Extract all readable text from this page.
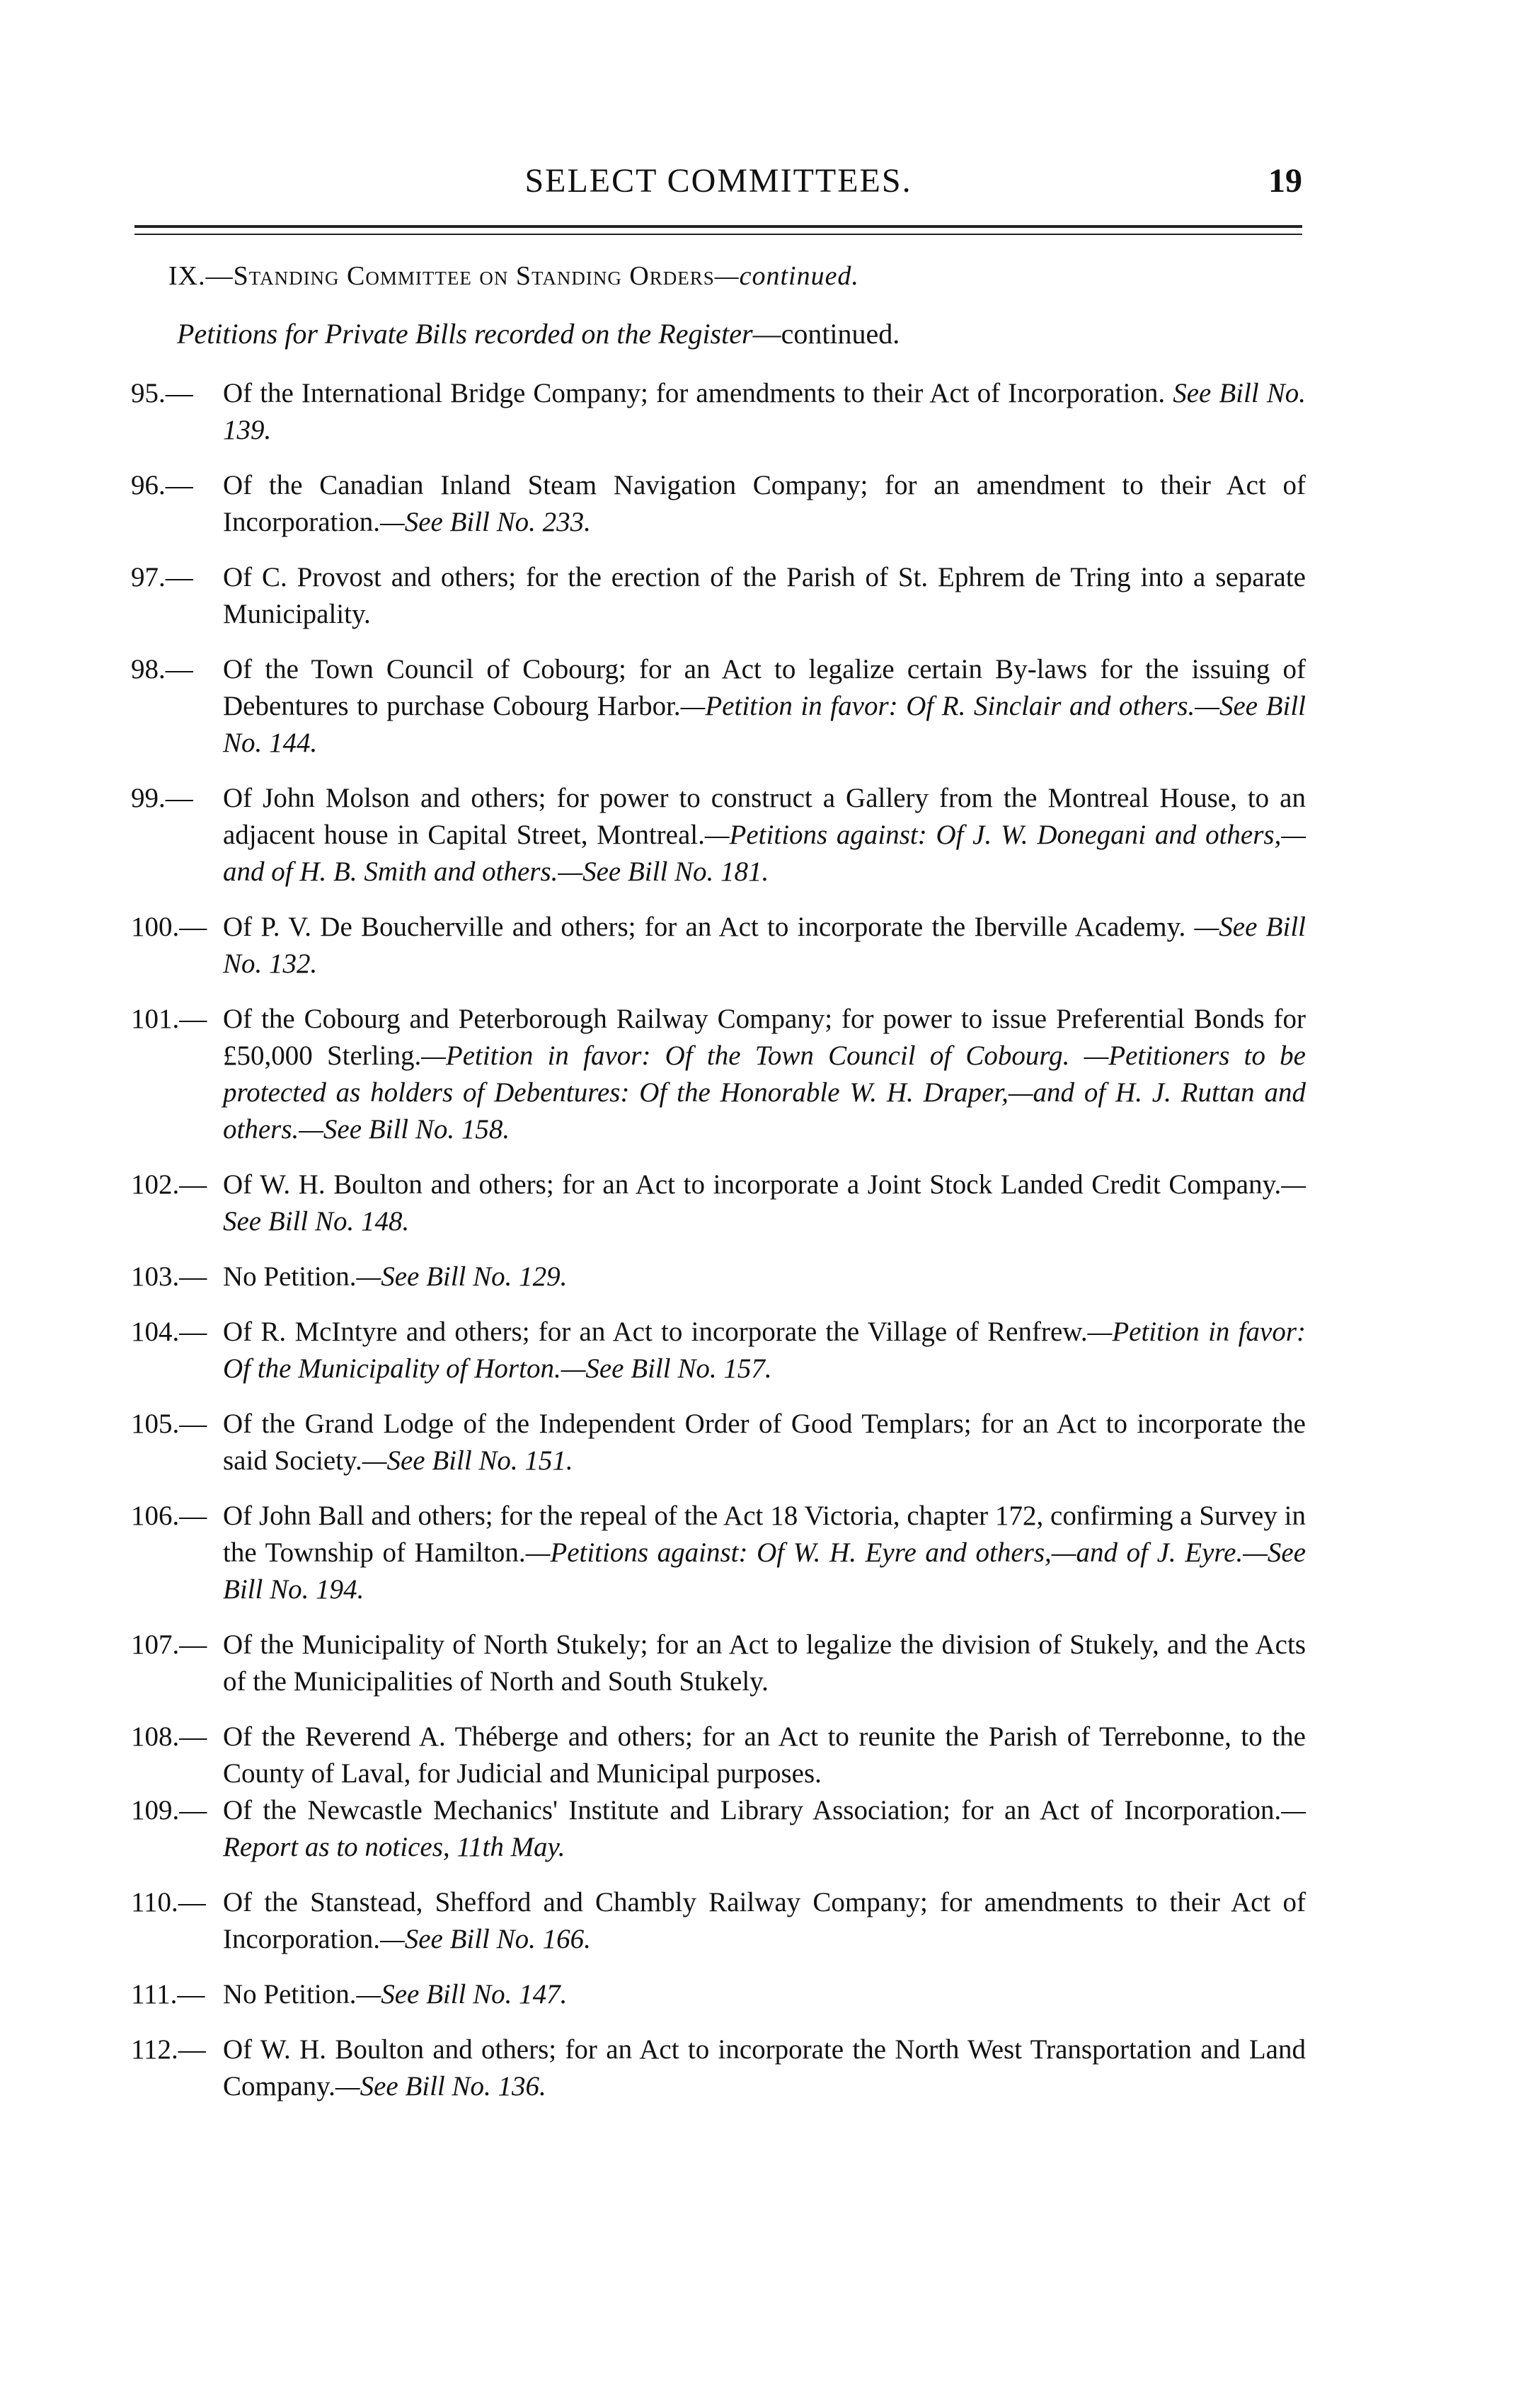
SELECT COMMITTEES.	19
IX.—Standing Committee on Standing Orders—continued.
Petitions for Private Bills recorded on the Register—continued.
95.— Of the International Bridge Company; for amendments to their Act of Incorporation. See Bill No. 139.
96.— Of the Canadian Inland Steam Navigation Company; for an amendment to their Act of Incorporation.—See Bill No. 233.
97.— Of C. Provost and others; for the erection of the Parish of St. Ephrem de Tring into a separate Municipality.
98.— Of the Town Council of Cobourg; for an Act to legalize certain By-laws for the issuing of Debentures to purchase Cobourg Harbor.—Petition in favor: Of R. Sinclair and others.—See Bill No. 144.
99.— Of John Molson and others; for power to construct a Gallery from the Montreal House, to an adjacent house in Capital Street, Montreal.—Petitions against: Of J. W. Donegani and others,—and of H. B. Smith and others.—See Bill No. 181.
100.— Of P. V. De Boucherville and others; for an Act to incorporate the Iberville Academy. —See Bill No. 132.
101.— Of the Cobourg and Peterborough Railway Company; for power to issue Preferential Bonds for £50,000 Sterling.—Petition in favor: Of the Town Council of Cobourg. —Petitioners to be protected as holders of Debentures: Of the Honorable W. H. Draper,—and of H. J. Ruttan and others.—See Bill No. 158.
102.— Of W. H. Boulton and others; for an Act to incorporate a Joint Stock Landed Credit Company.—See Bill No. 148.
103.— No Petition.—See Bill No. 129.
104.— Of R. McIntyre and others; for an Act to incorporate the Village of Renfrew.—Petition in favor: Of the Municipality of Horton.—See Bill No. 157.
105.— Of the Grand Lodge of the Independent Order of Good Templars; for an Act to incorporate the said Society.—See Bill No. 151.
106.— Of John Ball and others; for the repeal of the Act 18 Victoria, chapter 172, confirming a Survey in the Township of Hamilton.—Petitions against: Of W. H. Eyre and others,—and of J. Eyre.—See Bill No. 194.
107.— Of the Municipality of North Stukely; for an Act to legalize the division of Stukely, and the Acts of the Municipalities of North and South Stukely.
108.— Of the Reverend A. Théberge and others; for an Act to reunite the Parish of Terrebonne, to the County of Laval, for Judicial and Municipal purposes.
109.— Of the Newcastle Mechanics' Institute and Library Association; for an Act of Incorporation.—Report as to notices, 11th May.
110.— Of the Stanstead, Shefford and Chambly Railway Company; for amendments to their Act of Incorporation.—See Bill No. 166.
111.— No Petition.—See Bill No. 147.
112.— Of W. H. Boulton and others; for an Act to incorporate the North West Transportation and Land Company.—See Bill No. 136.
